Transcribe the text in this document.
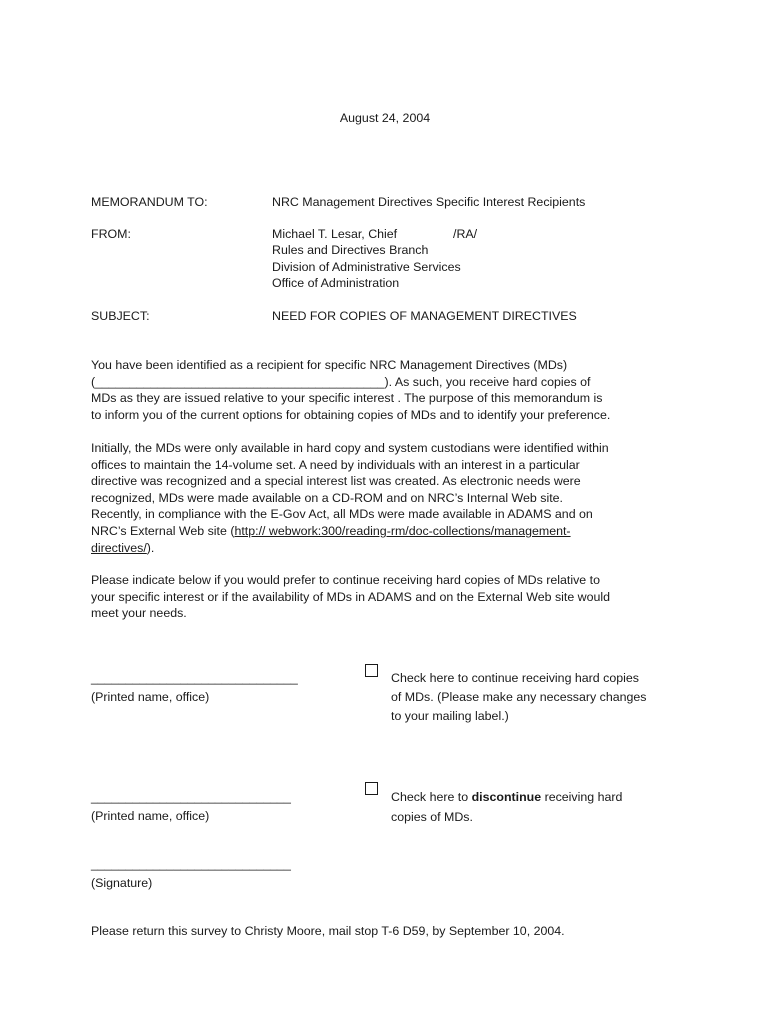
August 24, 2004
MEMORANDUM TO:	NRC Management Directives Specific Interest Recipients
FROM:	Michael T. Lesar, Chief	/RA/
Rules and Directives Branch
Division of Administrative Services
Office of Administration
SUBJECT:	NEED FOR COPIES OF MANAGEMENT DIRECTIVES
You have been identified as a recipient for specific NRC Management Directives (MDs)
(__________________________________________). As such, you receive hard copies of
MDs as they are issued relative to your specific interest . The purpose of this memorandum is
to inform you of the current options for obtaining copies of MDs and to identify your preference.
Initially, the MDs were only available in hard copy and system custodians were identified within
offices to maintain the 14-volume set. A need by individuals with an interest in a particular
directive was recognized and a special interest list was created. As electronic needs were
recognized, MDs were made available on a CD-ROM and on NRC’s Internal Web site.
Recently, in compliance with the E-Gov Act, all MDs were made available in ADAMS and on
NRC’s External Web site (http:// webwork:300/reading-rm/doc-collections/management-
directives/).
Please indicate below if you would prefer to continue receiving hard copies of MDs relative to
your specific interest or if the availability of MDs in ADAMS and on the External Web site would
meet your needs.
______________________________
(Printed name, office)
Check here to continue receiving hard copies
of MDs. (Please make any necessary changes
to your mailing label.)
_____________________________
(Printed name, office)
Check here to discontinue receiving hard
copies of MDs.
_____________________________
(Signature)
Please return this survey to Christy Moore, mail stop T-6 D59, by September 10, 2004.
